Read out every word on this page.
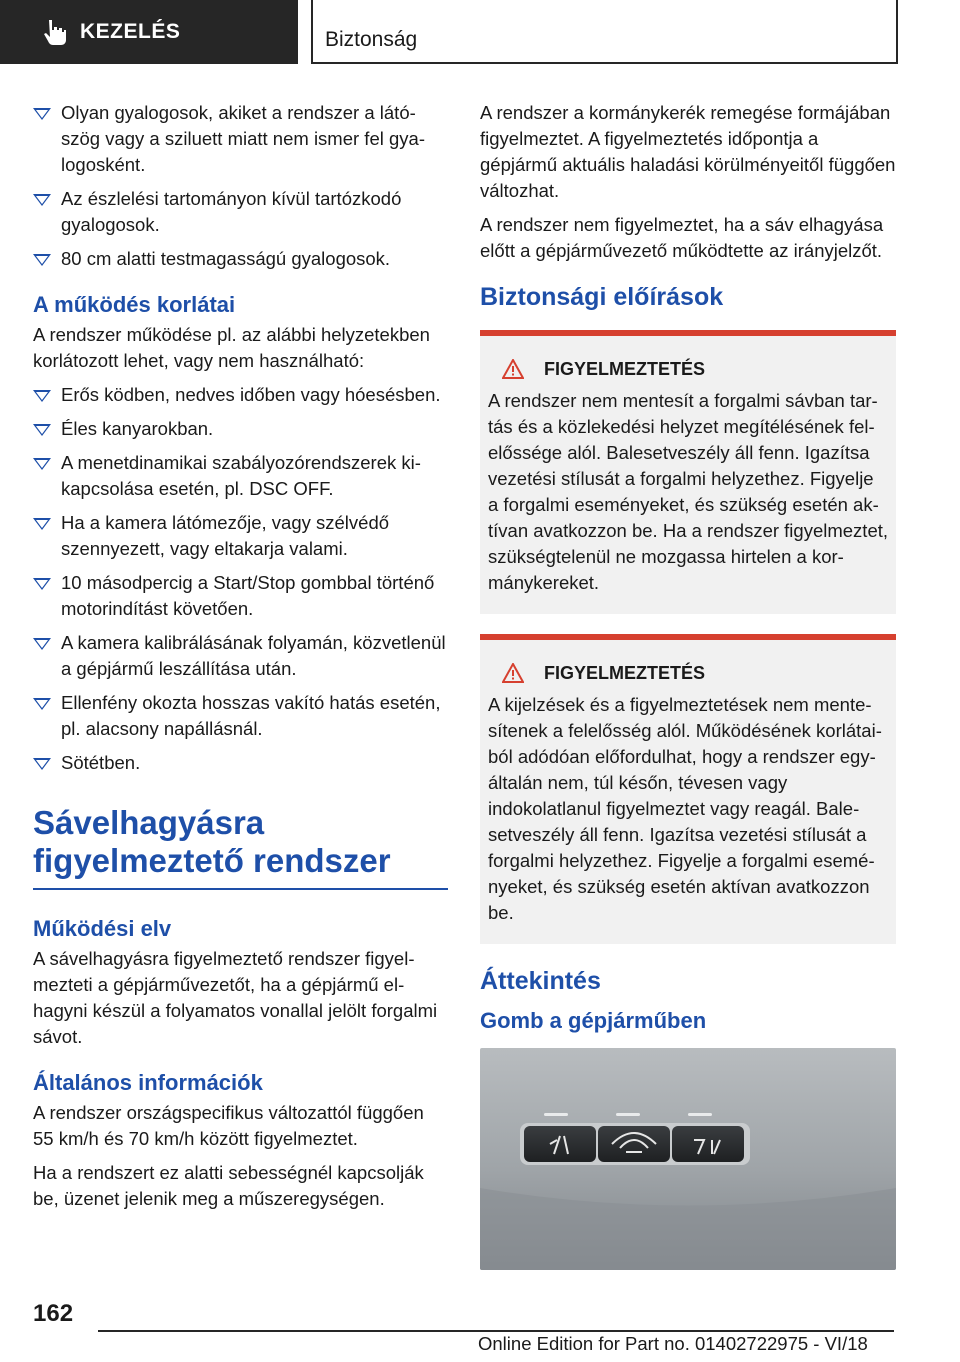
KEZELÉS	Biztonság
Olyan gyalogosok, akiket a rendszer a látószög vagy a sziluett miatt nem ismer fel gyalogosként.
Az észlelési tartományon kívül tartózkodó gyalogosok.
80 cm alatti testmagasságú gyalogosok.
A működés korlátai

A rendszer működése pl. az alábbi helyzetekben korlátozott lehet, vagy nem használható:

Erős ködben, nedves időben vagy hóesésben.
Éles kanyarokban.
A menetdinamikai szabályozórendszerek kikapcsolása esetén, pl. DSC OFF.
Ha a kamera látómezője, vagy szélvédő szennyezett, vagy eltakarja valami.
10 másodpercig a Start/Stop gombbal történő motorindítást követően.
A kamera kalibrálásának folyamán, közvetlenül a gépjármű leszállítása után.
Ellenfény okozta hosszas vakító hatás esetén, pl. alacsony napállásnál.
Sötétben.
Sávelhagyásra figyelmeztető rendszer
Működési elv

A sávelhagyásra figyelmeztető rendszer figyelmezteti a gépjárművezetőt, ha a gépjármű elhagyni készül a folyamatos vonallal jelölt forgalmi sávot.

Általános információk

A rendszer országspecifikus változattól függően 55 km/h és 70 km/h között figyelmeztet.

Ha a rendszert ez alatti sebességnél kapcsolják be, üzenet jelenik meg a műszeregységen.

A rendszer a kormánykerék remegése formájában figyelmeztet. A figyelmeztetés időpontja a gépjármű aktuális haladási körülményeitől függően változhat.

A rendszer nem figyelmeztet, ha a sáv elhagyása előtt a gépjárművezető működtette az irányjelzőt.

Biztonsági előírások
FIGYELMEZTETÉS
A rendszer nem mentesít a forgalmi sávban tartás és a közlekedési helyzet megítélésének felelőssége alól. Balesetveszély áll fenn. Igazítsa vezetési stílusát a forgalmi helyzethez. Figyelje a forgalmi eseményeket, és szükség esetén aktívan avatkozzon be. Ha a rendszer figyelmeztet, szükségtelenül ne mozgassa hirtelen a kormánykereket.
FIGYELMEZTETÉS
A kijelzések és a figyelmeztetések nem mentesítenek a felelősség alól. Működésének korlátaiból adódóan előfordulhat, hogy a rendszer egyáltalán nem, túl későn, tévesen vagy indokolatlanul figyelmeztet vagy reagál. Balesetveszély áll fenn. Igazítsa vezetési stílusát a forgalmi helyzethez. Figyelje a forgalmi eseményeket, és szükség esetén aktívan avatkozzon be.
Áttekintés
Gomb a gépjárműben
162
Online Edition for Part no. 01402722975 - VI/18
